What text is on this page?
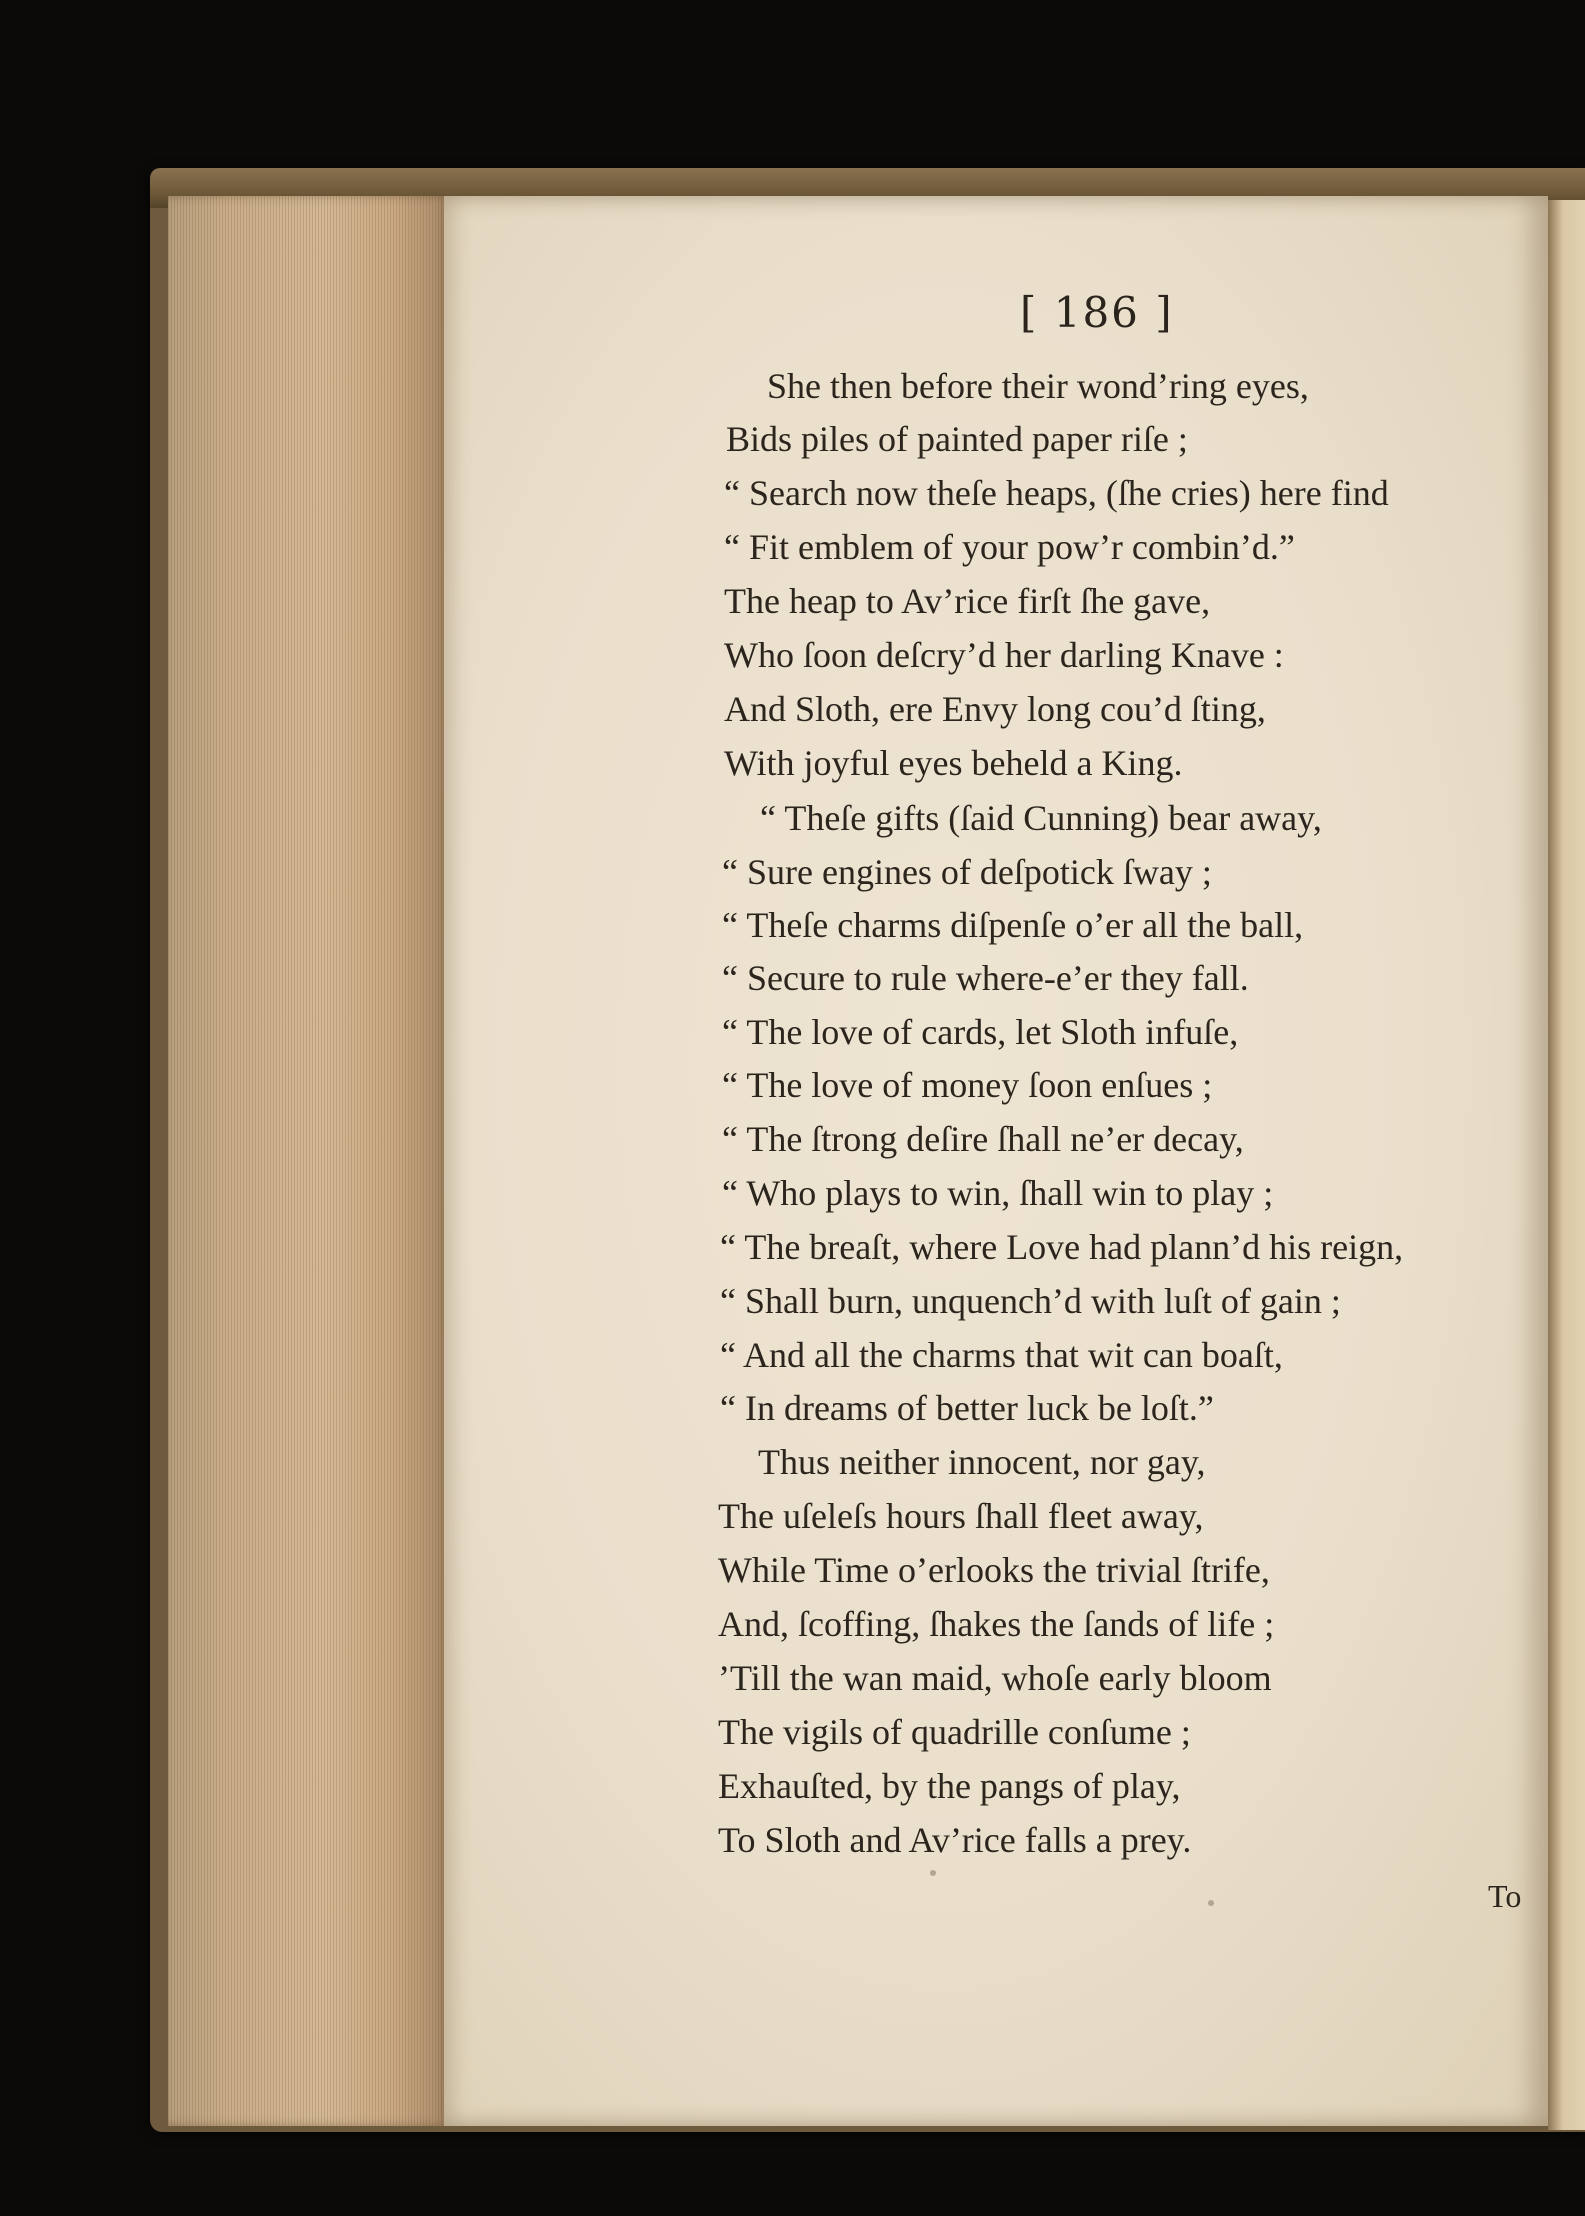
[ 186 ]
She then before their wond’ring eyes,
Bids piles of painted paper riſe ;
“ Search now theſe heaps, (ſhe cries) here find
“ Fit emblem of your pow’r combin’d.”
The heap to Av’rice firſt ſhe gave,
Who ſoon deſcry’d her darling Knave :
And Sloth, ere Envy long cou’d ſting,
With joyful eyes beheld a King.
“ Theſe gifts (ſaid Cunning) bear away,
“ Sure engines of deſpotick ſway ;
“ Theſe charms diſpenſe o’er all the ball,
“ Secure to rule where-e’er they fall.
“ The love of cards, let Sloth infuſe,
“ The love of money ſoon enſues ;
“ The ſtrong deſire ſhall ne’er decay,
“ Who plays to win, ſhall win to play ;
“ The breaſt, where Love had plann’d his reign,
“ Shall burn, unquench’d with luſt of gain ;
“ And all the charms that wit can boaſt,
“ In dreams of better luck be loſt.”
Thus neither innocent, nor gay,
The uſeleſs hours ſhall fleet away,
While Time o’erlooks the trivial ſtrife,
And, ſcoffing, ſhakes the ſands of life ;
’Till the wan maid, whoſe early bloom
The vigils of quadrille conſume ;
Exhauſted, by the pangs of play,
To Sloth and Av’rice falls a prey.
To
